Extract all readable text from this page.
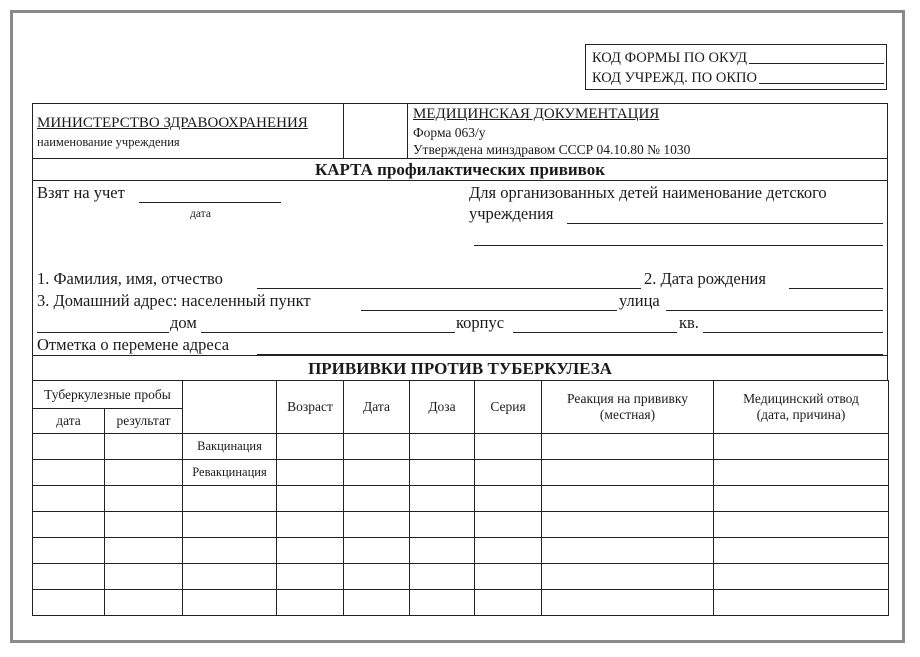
КОД ФОРМЫ ПО ОКУД
КОД УЧРЕЖД. ПО ОКПО
МИНИСТЕРСТВО ЗДРАВООХРАНЕНИЯ
наименование учреждения
МЕДИЦИНСКАЯ ДОКУМЕНТАЦИЯ
Форма 063/у
Утверждена минздравом СССР 04.10.80 № 1030
КАРТА профилактических прививок
Взят на учет
дата
Для организованных детей наименование детского
учреждения
1. Фамилия, имя, отчество	2. Дата рождения
3. Домашний адрес: населенный пункт	улица
дом	корпус	кв.
Отметка о перемене адреса
ПРИВИВКИ ПРОТИВ ТУБЕРКУЛЕЗА
Туберкулезные пробы			Возраст	Дата	Доза	Серия	Реакция на прививку (местная)	Медицинский отвод (дата, причина)
дата	результат							
		Вакцинация						
		Ревакцинация						
